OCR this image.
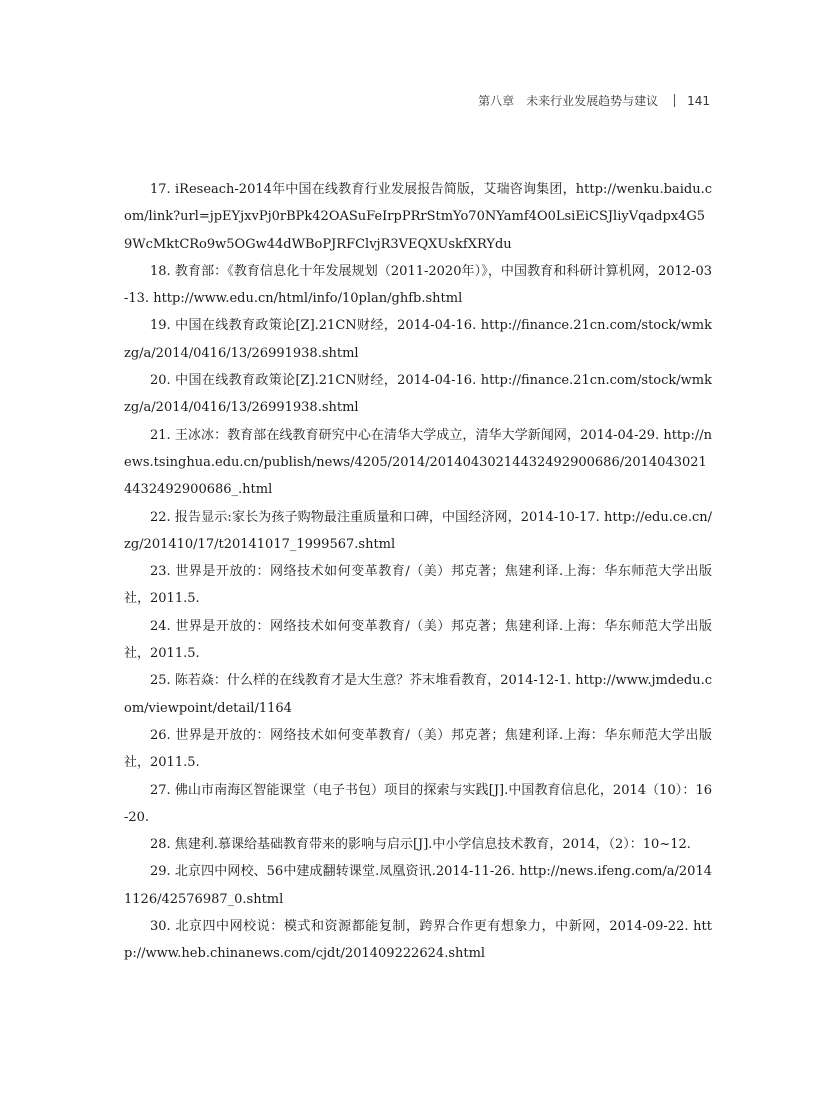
第八章　未来行业发展趋势与建议 141

17. iReseach-2014年中国在线教育行业发展报告简版，艾瑞咨询集团，http://wenku.baidu.com/link?url=jpEYjxvPj0rBPk42OASuFeIrpPRrStmYo70NYamf4O0LsiEiCSJliyVqadpx4G59WcMktCRo9w5OGw44dWBoPJRFClvjR3VEQXUskfXRYdu

18. 教育部：《教育信息化十年发展规划（2011-2020年）》，中国教育和科研计算机网，2012-03-13. http://www.edu.cn/html/info/10plan/ghfb.shtml

19. 中国在线教育政策论[Z].21CN财经，2014-04-16. http://finance.21cn.com/stock/wmkzg/a/2014/0416/13/26991938.shtml

20. 中国在线教育政策论[Z].21CN财经，2014-04-16. http://finance.21cn.com/stock/wmkzg/a/2014/0416/13/26991938.shtml

21. 王冰冰：教育部在线教育研究中心在清华大学成立，清华大学新闻网，2014-04-29. http://news.tsinghua.edu.cn/publish/news/4205/2014/20140430214432492900686/20140430214432492900686_.html

22. 报告显示:家长为孩子购物最注重质量和口碑，中国经济网，2014-10-17. http://edu.ce.cn/zg/201410/17/t20141017_1999567.shtml

23. 世界是开放的：网络技术如何变革教育/（美）邦克著；焦建利译.上海：华东师范大学出版社，2011.5.

24. 世界是开放的：网络技术如何变革教育/（美）邦克著；焦建利译.上海：华东师范大学出版社，2011.5.

25. 陈若焱：什么样的在线教育才是大生意？芥末堆看教育，2014-12-1. http://www.jmdedu.com/viewpoint/detail/1164

26. 世界是开放的：网络技术如何变革教育/（美）邦克著；焦建利译.上海：华东师范大学出版社，2011.5.

27. 佛山市南海区智能课堂（电子书包）项目的探索与实践[J].中国教育信息化，2014（10）：16-20.

28. 焦建利.慕课给基础教育带来的影响与启示[J].中小学信息技术教育，2014，（2）：10~12.

29. 北京四中网校、56中建成翻转课堂.凤凰资讯.2014-11-26. http://news.ifeng.com/a/20141126/42576987_0.shtml

30. 北京四中网校说：模式和资源都能复制，跨界合作更有想象力，中新网，2014-09-22. http://www.heb.chinanews.com/cjdt/201409222624.shtml
